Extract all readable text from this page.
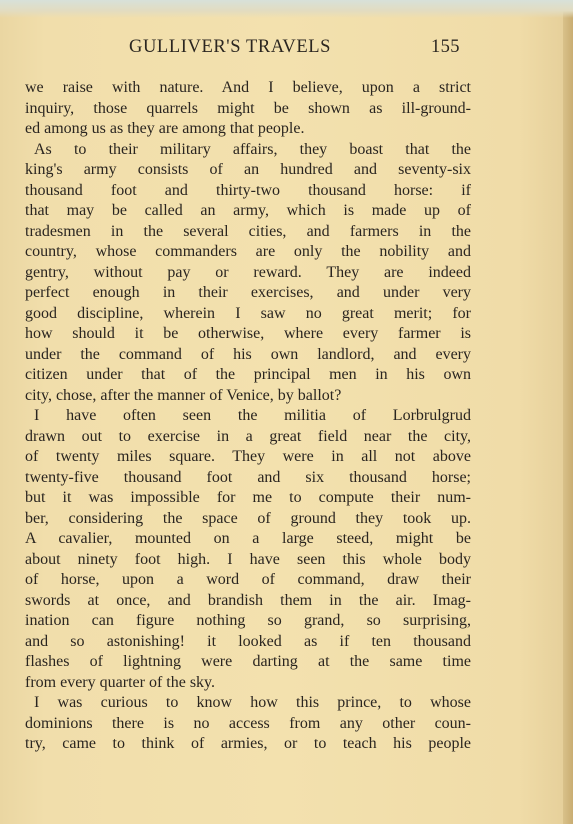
GULLIVER'S TRAVELS	155
we raise with nature. And I believe, upon a strict
inquiry, those quarrels might be shown as ill-ground-
ed among us as they are among that people.
As to their military affairs, they boast that the
king's army consists of an hundred and seventy-six
thousand foot and thirty-two thousand horse: if
that may be called an army, which is made up of
tradesmen in the several cities, and farmers in the
country, whose commanders are only the nobility and
gentry, without pay or reward. They are indeed
perfect enough in their exercises, and under very
good discipline, wherein I saw no great merit; for
how should it be otherwise, where every farmer is
under the command of his own landlord, and every
citizen under that of the principal men in his own
city, chose, after the manner of Venice, by ballot?
I have often seen the militia of Lorbrulgrud
drawn out to exercise in a great field near the city,
of twenty miles square. They were in all not above
twenty-five thousand foot and six thousand horse;
but it was impossible for me to compute their num-
ber, considering the space of ground they took up.
A cavalier, mounted on a large steed, might be
about ninety foot high. I have seen this whole body
of horse, upon a word of command, draw their
swords at once, and brandish them in the air. Imag-
ination can figure nothing so grand, so surprising,
and so astonishing! it looked as if ten thousand
flashes of lightning were darting at the same time
from every quarter of the sky.
I was curious to know how this prince, to whose
dominions there is no access from any other coun-
try, came to think of armies, or to teach his people
